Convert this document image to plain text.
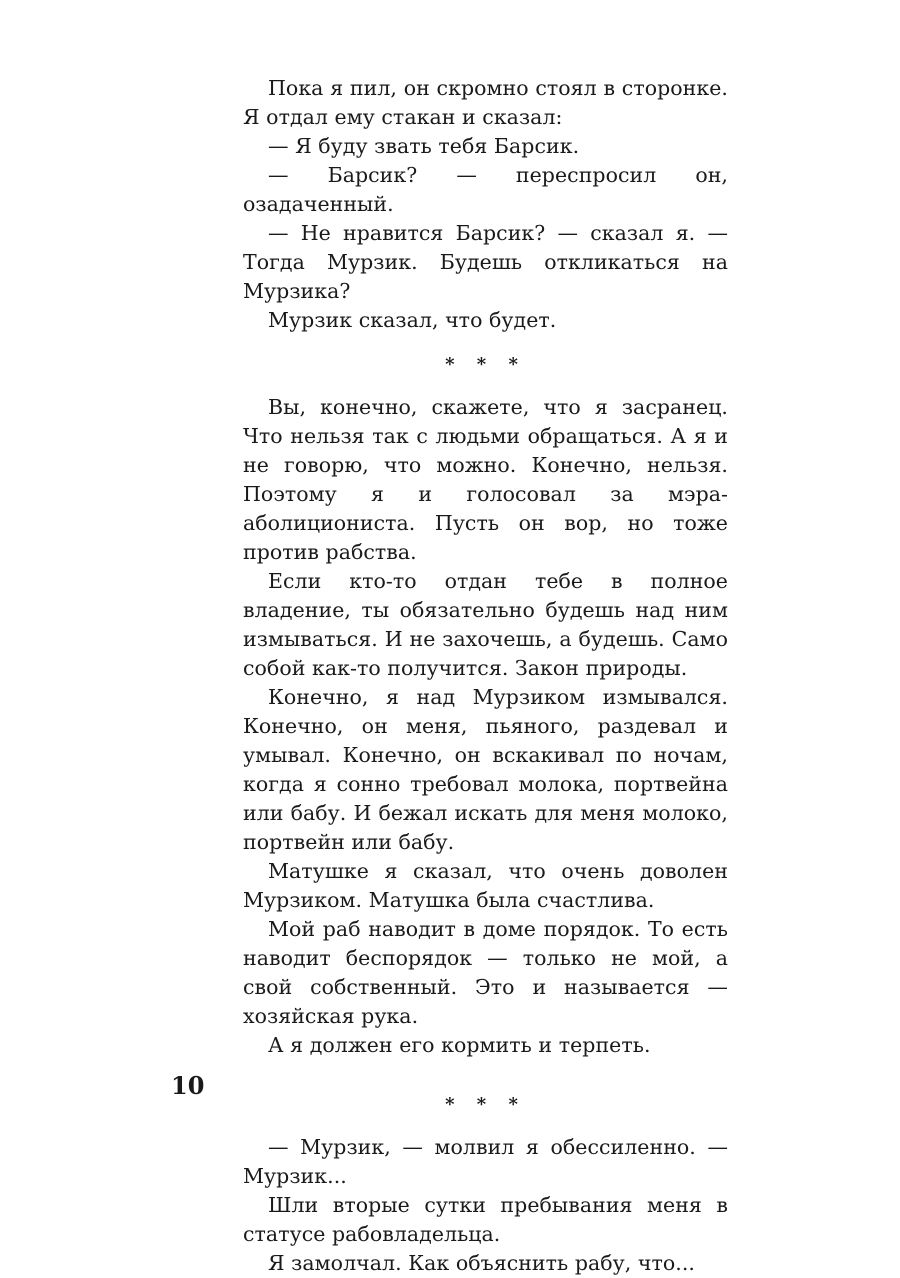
Пока я пил, он скромно стоял в сторонке. Я отдал ему стакан и сказал:

— Я буду звать тебя Барсик.

— Барсик? — переспросил он, озадаченный.

— Не нравится Барсик? — сказал я. — Тогда Мурзик. Будешь откликаться на Мурзика?

Мурзик сказал, что будет.

* * *

Вы, конечно, скажете, что я засранец. Что нельзя так с людьми обращаться. А я и не говорю, что можно. Конечно, нельзя. Поэтому я и голосовал за мэра-аболициониста. Пусть он вор, но тоже против рабства.

Если кто-то отдан тебе в полное владение, ты обязательно будешь над ним измываться. И не захочешь, а будешь. Само собой как-то получится. Закон природы.

Конечно, я над Мурзиком измывался. Конечно, он меня, пьяного, раздевал и умывал. Конечно, он вскакивал по ночам, когда я сонно требовал молока, портвейна или бабу. И бежал искать для меня молоко, портвейн или бабу.

Матушке я сказал, что очень доволен Мурзиком. Матушка была счастлива.

Мой раб наводит в доме порядок. То есть наводит беспорядок — только не мой, а свой собственный. Это и называется — хозяйская рука.

А я должен его кормить и терпеть.

* * *

— Мурзик, — молвил я обессиленно. — Мурзик...

Шли вторые сутки пребывания меня в статусе рабовладельца.

Я замолчал. Как объяснить рабу, что...

10
